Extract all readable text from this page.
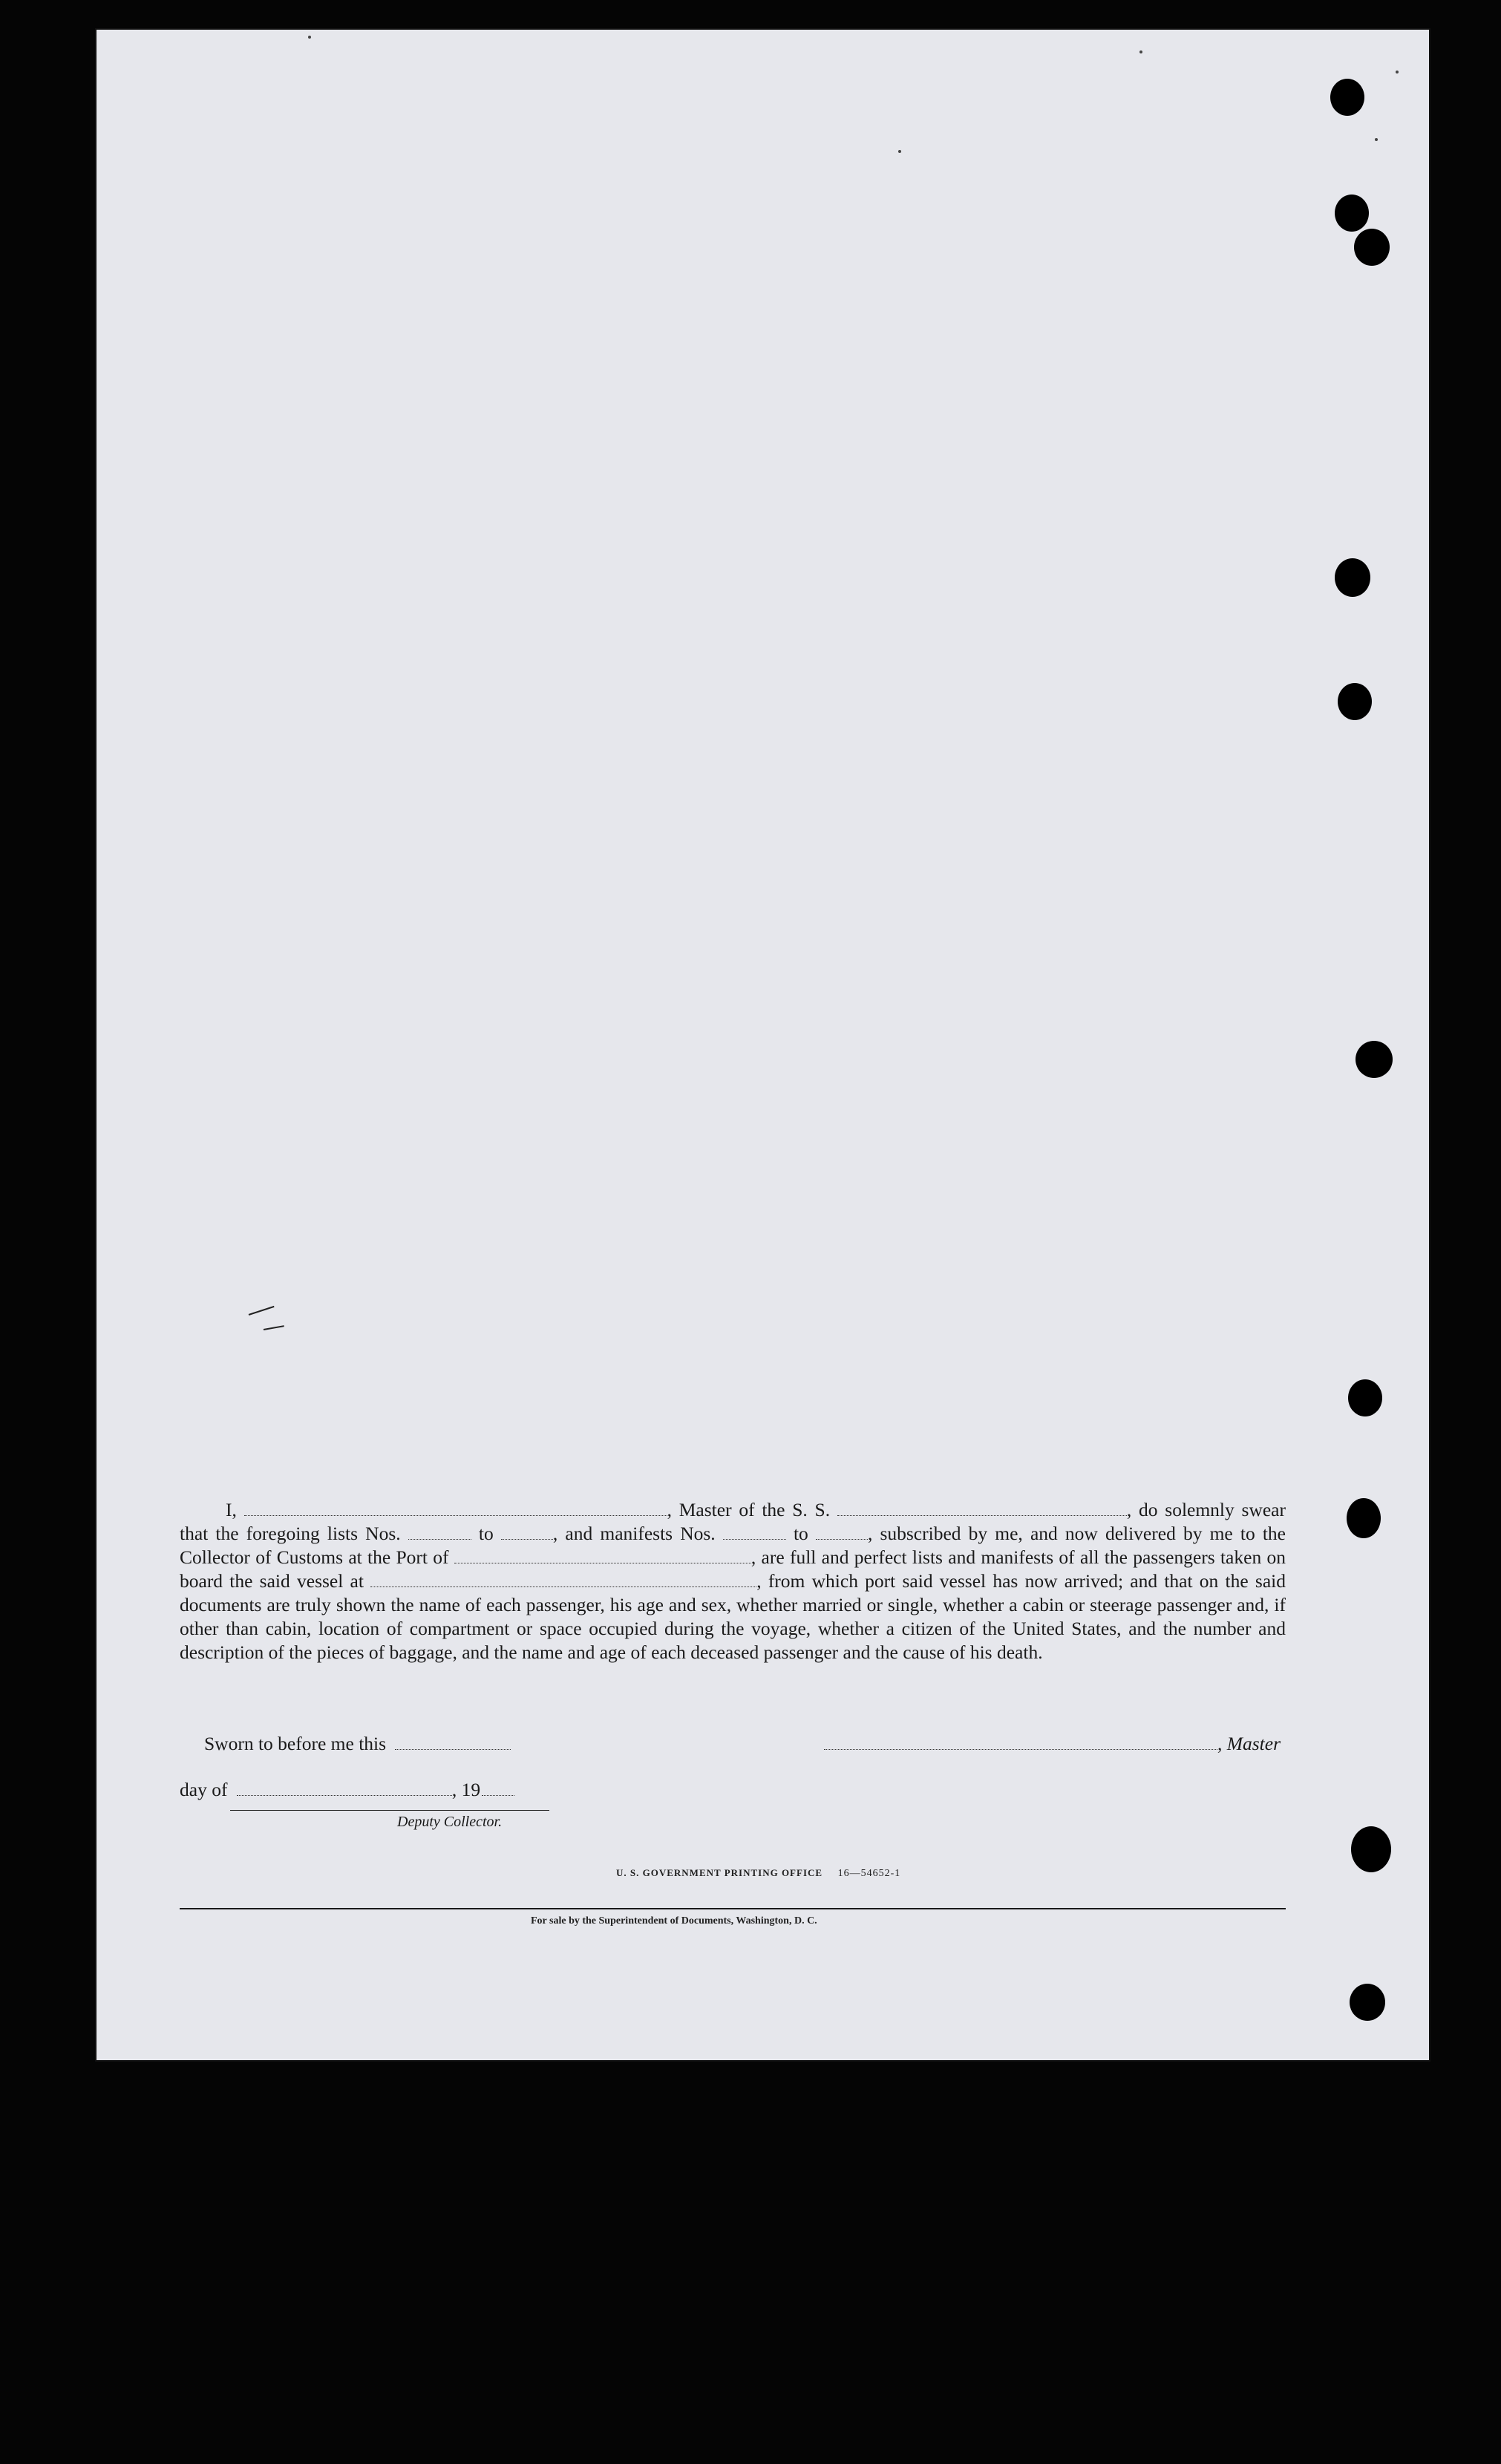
I,	, Master of the S. S.	, do solemnly swear that the foregoing lists Nos.	to	, and manifests Nos.	to	, subscribed by me, and now delivered by me to the Collector of Customs at the Port of	, are full and perfect lists and manifests of all the passengers taken on board the said vessel at	, from which port said vessel has now arrived; and that on the said documents are truly shown the name of each passenger, his age and sex, whether married or single, whether a cabin or steerage passenger and, if other than cabin, location of compartment or space occupied during the voyage, whether a citizen of the United States, and the number and description of the pieces of baggage, and the name and age of each deceased passenger and the cause of his death.

Sworn to before me this	, Master
day of	, 19
Deputy Collector.
U. S. GOVERNMENT PRINTING OFFICE 16—54652-1
For sale by the Superintendent of Documents, Washington, D. C.
